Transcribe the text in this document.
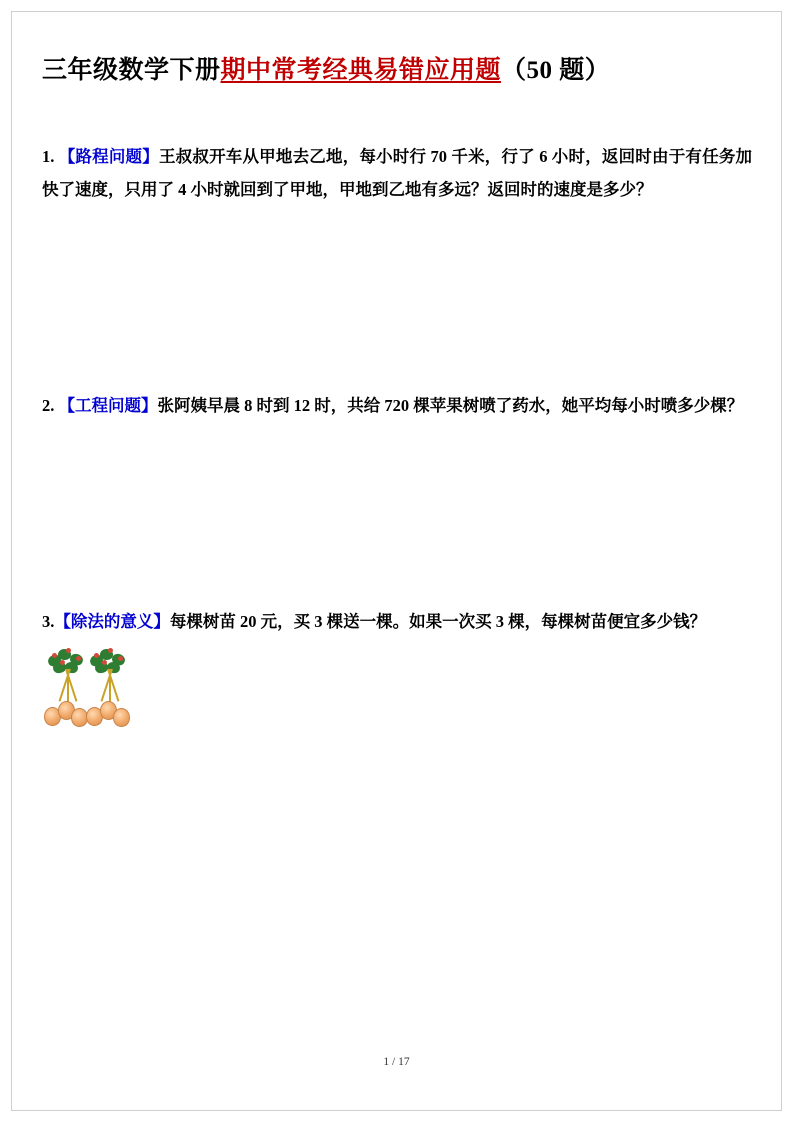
三年级数学下册期中常考经典易错应用题（50 题）
1. 【路程问题】王叔叔开车从甲地去乙地，每小时行 70 千米，行了 6 小时，返回时由于有任务加快了速度，只用了 4 小时就回到了甲地，甲地到乙地有多远？返回时的速度是多少？
2. 【工程问题】张阿姨早晨 8 时到 12 时，共给 720 棵苹果树喷了药水，她平均每小时喷多少棵？
3.【除法的意义】每棵树苗 20 元，买 3 棵送一棵。如果一次买 3 棵，每棵树苗便宜多少钱？
1 / 17
